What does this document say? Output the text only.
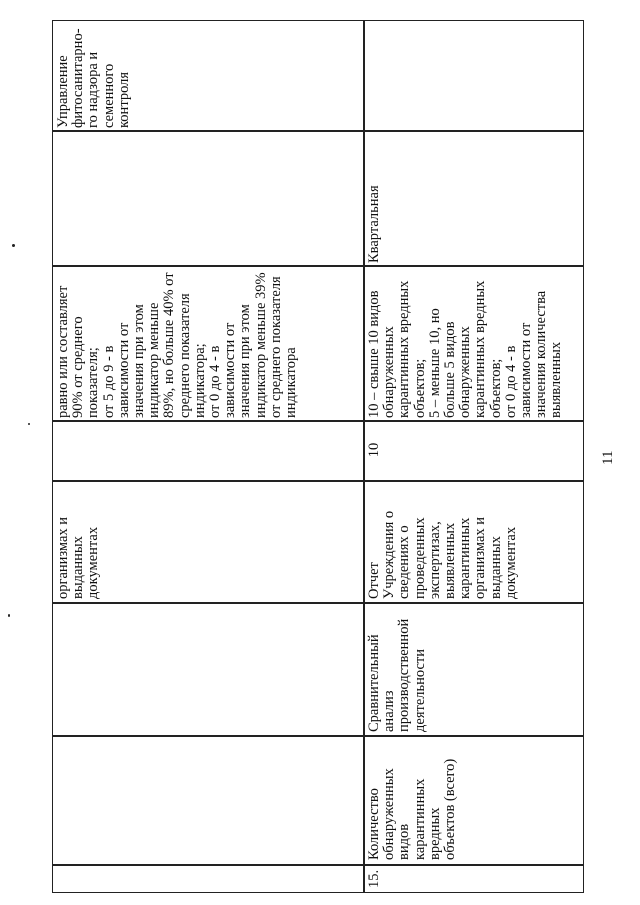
организмах и
выданных
документах
равно или составляет
90% от среднего
показателя;
от 5 до 9 - в
зависимости от
значения при этом
индикатор меньше
89%, но больше 40% от
среднего показателя
индикатора;
от 0 до 4 - в
зависимости от
значения при этом
индикатор меньше 39%
от среднего показателя
индикатора
Управление
фитосанитарно-
го надзора и
семенного
контроля
15.
Количество
обнаруженных
видов
карантинных
вредных
объектов (всего)
Сравнительный
анализ
производственной
деятельности
Отчет
Учреждения о
сведениях о
проведенных
экспертизах,
выявленных
карантинных
организмах и
выданных
документах
10
10 – свыше 10 видов
обнаруженных
карантинных вредных
объектов;
5 – меньше 10, но
больше 5 видов
обнаруженных
карантинных вредных
объектов;
от 0 до 4 - в
зависимости от
значения количества
выявленных
Квартальная
11
